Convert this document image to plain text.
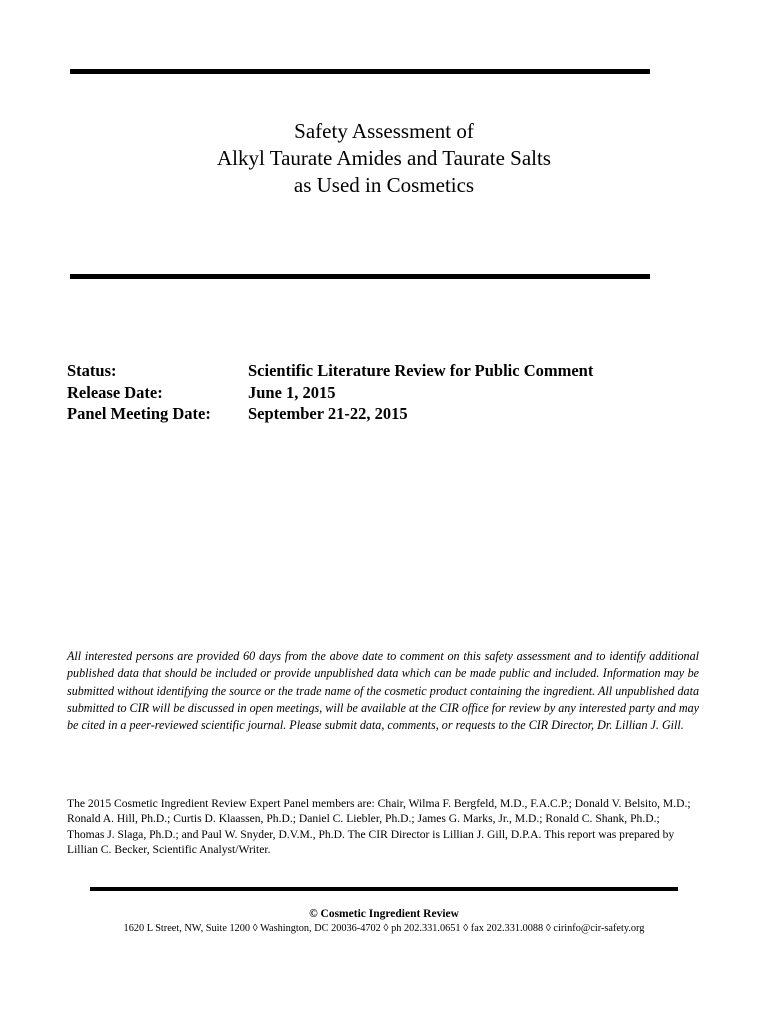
Safety Assessment of
Alkyl Taurate Amides and Taurate Salts
as Used in Cosmetics
Status:	Scientific Literature Review for Public Comment
Release Date:	June 1, 2015
Panel Meeting Date:	September 21-22, 2015

All interested persons are provided 60 days from the above date to comment on this safety assessment and to identify additional published data that should be included or provide unpublished data which can be made public and included. Information may be submitted without identifying the source or the trade name of the cosmetic product containing the ingredient. All unpublished data submitted to CIR will be discussed in open meetings, will be available at the CIR office for review by any interested party and may be cited in a peer-reviewed scientific journal. Please submit data, comments, or requests to the CIR Director, Dr. Lillian J. Gill.

The 2015 Cosmetic Ingredient Review Expert Panel members are: Chair, Wilma F. Bergfeld, M.D., F.A.C.P.; Donald V. Belsito, M.D.; Ronald A. Hill, Ph.D.; Curtis D. Klaassen, Ph.D.; Daniel C. Liebler, Ph.D.; James G. Marks, Jr., M.D.; Ronald C. Shank, Ph.D.; Thomas J. Slaga, Ph.D.; and Paul W. Snyder, D.V.M., Ph.D. The CIR Director is Lillian J. Gill, D.P.A. This report was prepared by Lillian C. Becker, Scientific Analyst/Writer.

© Cosmetic Ingredient Review
1620 L Street, NW, Suite 1200 ◊ Washington, DC 20036-4702 ◊ ph 202.331.0651 ◊ fax 202.331.0088 ◊ cirinfo@cir-safety.org
